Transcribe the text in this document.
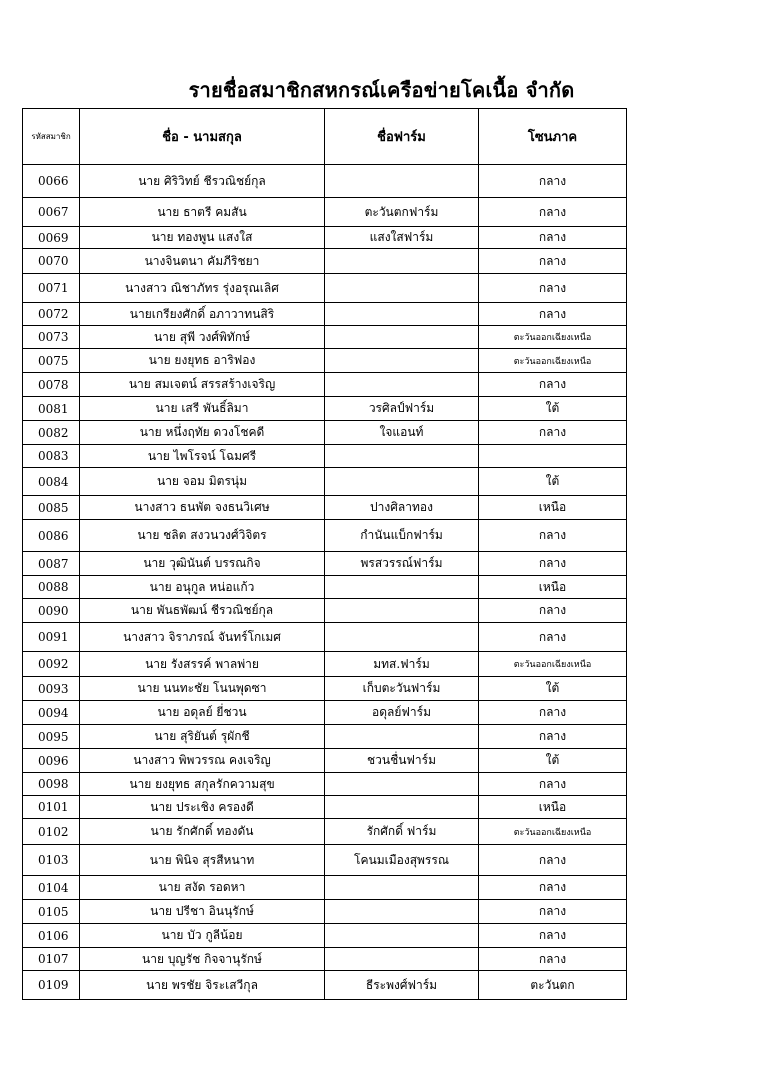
รายชื่อสมาชิกสหกรณ์เครือข่ายโคเนื้อ จำกัด
รหัสสมาชิก	ชื่อ - นามสกุล	ชื่อฟาร์ม	โซนภาค
0066	นาย ศิริวิทย์ ชีรวณิชย์กุล		กลาง
0067	นาย ธาตรี คมสัน	ตะวันตกฟาร์ม	กลาง
0069	นาย ทองพูน แสงใส	แสงใสฟาร์ม	กลาง
0070	นางจินตนา คัมภีริชยา		กลาง
0071	นางสาว ณิชาภัทร รุ่งอรุณเลิศ		กลาง
0072	นายเกรียงศักดิ์ อภาวาทนสิริ		กลาง
0073	นาย สุพี วงศ์พิทักษ์		ตะวันออกเฉียงเหนือ
0075	นาย ยงยุทธ อาริฟอง		ตะวันออกเฉียงเหนือ
0078	นาย สมเจตน์ สรรสร้างเจริญ		กลาง
0081	นาย เสรี พันธิ์ลิมา	วรศิลป์ฟาร์ม	ใต้
0082	นาย หนึ่งฤทัย ดวงโชคดี	ใจแอนท์	กลาง
0083	นาย ไพโรจน์ โฉมศรี		
0084	นาย จอม มิตรนุ่ม		ใต้
0085	นางสาว ธนพัต จงธนวิเศษ	ปางศิลาทอง	เหนือ
0086	นาย ชลิต สงวนวงศ์วิจิตร	กำนันแบ็กฟาร์ม	กลาง
0087	นาย วุฒินันต์ บรรณกิจ	พรสวรรณ์ฟาร์ม	กลาง
0088	นาย อนุกูล หน่อแก้ว		เหนือ
0090	นาย พันธพัฒน์ ชีรวณิชย์กุล		กลาง
0091	นางสาว จิราภรณ์ จันทร์โกเมศ		กลาง
0092	นาย รังสรรค์ พาลพ่าย	มทส.ฟาร์ม	ตะวันออกเฉียงเหนือ
0093	นาย นนทะชัย โนนพุดซา	เก็บตะวันฟาร์ม	ใต้
0094	นาย อดุลย์ ยี่ชวน	อดุลย์ฟาร์ม	กลาง
0095	นาย สุริยันต์ รุผักชี		กลาง
0096	นางสาว พิพวรรณ คงเจริญ	ชวนชื่นฟาร์ม	ใต้
0098	นาย ยงยุทธ สกุลรักความสุข		กลาง
0101	นาย ประเชิง ครองดี		เหนือ
0102	นาย รักศักดิ์ ทองดัน	รักศักดิ์ ฟาร์ม	ตะวันออกเฉียงเหนือ
0103	นาย พินิจ สุรสีหนาท	โคนมเมืองสุพรรณ	กลาง
0104	นาย สงัด รอดหา		กลาง
0105	นาย ปรีชา อินนุรักษ์		กลาง
0106	นาย บัว กูลีน้อย		กลาง
0107	นาย บุญรัช กิจจานุรักษ์		กลาง
0109	นาย พรชัย จิระเสวีกุล	ธีระพงศ์ฟาร์ม	ตะวันตก
